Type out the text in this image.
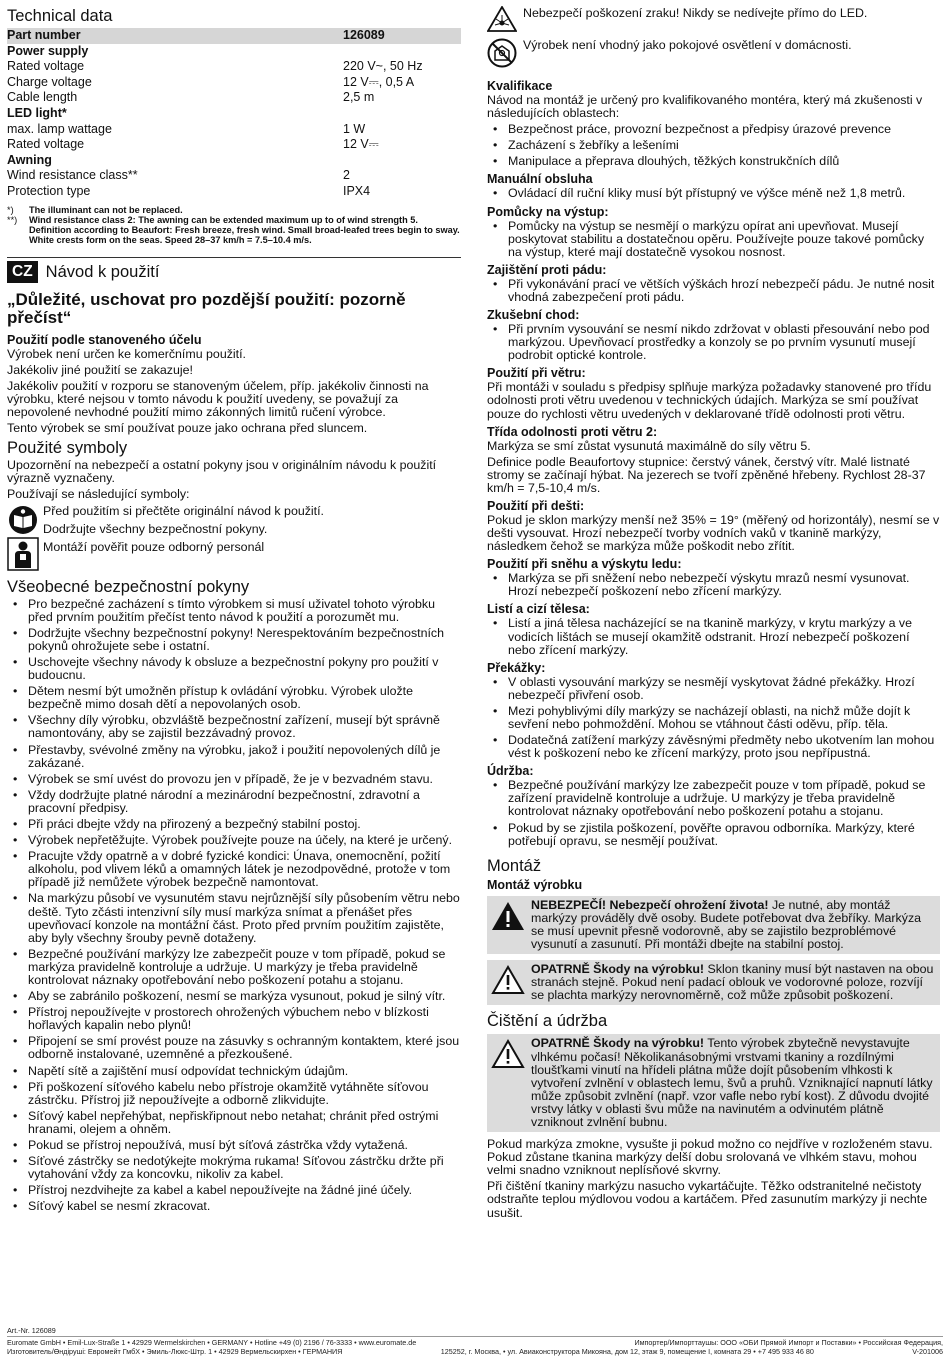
Technical data
Part number	126089
Power supply
Rated voltage	220 V~, 50 Hz
Charge voltage	12 V⎓, 0,5 A
Cable length	2,5 m
LED light*
max. lamp wattage	1 W
Rated voltage	12 V⎓
Awning
Wind resistance class**	2
Protection type	IPX4
*)	The illuminant can not be replaced.
**)	Wind resistance class 2: The awning can be extended maximum up to of wind strength 5. Definition according to Beaufort: Fresh breeze, fresh wind. Small broad-leafed trees begin to sway. White crests form on the seas. Speed 28–37 km/h = 7.5–10.4 m/s.
CZ Návod k použití

„Důležité, uschovat pro pozdější použití: pozorně přečíst“

Použití podle stanoveného účelu

Výrobek není určen ke komerčnímu použití.

Jakékoliv jiné použití se zakazuje!

Jakékoliv použití v rozporu se stanoveným účelem, příp. jakékoliv činnosti na výrobku, které nejsou v tomto návodu k použití uvedeny, se považují za nepovolené nevhodné použití mimo zákonných limitů ručení výrobce.

Tento výrobek se smí používat pouze jako ochrana před sluncem.

Použité symboly

Upozornění na nebezpečí a ostatní pokyny jsou v originálním návodu k použití výrazně vyznačeny.

Používají se následující symboly:

Před použitím si přečtěte originální návod k použití.

Dodržujte všechny bezpečnostní pokyny.

Montáží pověřit pouze odborný personál

Všeobecné bezpečnostní pokyny
• Pro bezpečné zacházení s tímto výrobkem si musí uživatel tohoto výrobku před prvním použitím přečíst tento návod k použití a porozumět mu.
• Dodržujte všechny bezpečnostní pokyny! Nerespektováním bezpečnostních pokynů ohrožujete sebe i ostatní.
• Uschovejte všechny návody k obsluze a bezpečnostní pokyny pro použití v budoucnu.
• Dětem nesmí být umožněn přístup k ovládání výrobku. Výrobek uložte bezpečně mimo dosah dětí a nepovolaných osob.
• Všechny díly výrobku, obzvláště bezpečnostní zařízení, musejí být správně namontovány, aby se zajistil bezzávadný provoz.
• Přestavby, svévolné změny na výrobku, jakož i použití nepovolených dílů je zakázané.
• Výrobek se smí uvést do provozu jen v případě, že je v bezvadném stavu.
• Vždy dodržujte platné národní a mezinárodní bezpečnostní, zdravotní a pracovní předpisy.
• Při práci dbejte vždy na přirozený a bezpečný stabilní postoj.
• Výrobek nepřetěžujte. Výrobek používejte pouze na účely, na které je určený.
• Pracujte vždy opatrně a v dobré fyzické kondici: Únava, onemocnění, požití alkoholu, pod vlivem léků a omamných látek je nezodpovědné, protože v tom případě již nemůžete výrobek bezpečně namontovat.
• Na markýzu působí ve vysunutém stavu nejrůznější síly působením větru nebo deště. Tyto zčásti intenzivní síly musí markýza snímat a přenášet přes upevňovací konzole na montážní část. Proto před prvním použitím zajistěte, aby byly všechny šrouby pevně dotaženy.
• Bezpečné používání markýzy lze zabezpečit pouze v tom případě, pokud se markýza pravidelně kontroluje a udržuje. U markýzy je třeba pravidelně kontrolovat náznaky opotřebování nebo poškození potahu a stojanu.
• Aby se zabránilo poškození, nesmí se markýza vysunout, pokud je silný vítr.
• Přístroj nepoužívejte v prostorech ohrožených výbuchem nebo v blízkosti hořlavých kapalin nebo plynů!
• Připojení se smí provést pouze na zásuvky s ochranným kontaktem, které jsou odborně instalované, uzemněné a přezkoušené.
• Napětí sítě a zajištění musí odpovídat technickým údajům.
• Při poškození síťového kabelu nebo přístroje okamžitě vytáhněte síťovou zástrčku. Přístroj již nepoužívejte a odborně zlikvidujte.
• Síťový kabel nepřehýbat, nepřiskřipnout nebo netahat; chránit před ostrými hranami, olejem a ohněm.
• Pokud se přístroj nepoužívá, musí být síťová zástrčka vždy vytažená.
• Síťové zástrčky se nedotýkejte mokrýma rukama! Síťovou zástrčku držte při vytahování vždy za koncovku, nikoliv za kabel.
• Přístroj nezdvihejte za kabel a kabel nepoužívejte na žádné jiné účely.
• Síťový kabel se nesmí zkracovat.
Nebezpečí poškození zraku! Nikdy se nedívejte přímo do LED.
Výrobek není vhodný jako pokojové osvětlení v domácnosti.
Kvalifikace

Návod na montáž je určený pro kvalifikovaného montéra, který má zkušenosti v následujících oblastech:

• Bezpečnost práce, provozní bezpečnost a předpisy úrazové prevence
• Zacházení s žebříky a lešeními
• Manipulace a přeprava dlouhých, těžkých konstrukčních dílů
Manuální obsluha
• Ovládací díl ruční kliky musí být přístupný ve výšce méně než 1,8 metrů.
Pomůcky na výstup:
• Pomůcky na výstup se nesmějí o markýzu opírat ani upevňovat. Musejí poskytovat stabilitu a dostatečnou opěru. Používejte pouze takové pomůcky na výstup, které mají dostatečně vysokou nosnost.
Zajištění proti pádu:
• Při vykonávání prací ve větších výškách hrozí nebezpečí pádu. Je nutné nosit vhodná zabezpečení proti pádu.
Zkušební chod:
• Při prvním vysouvání se nesmí nikdo zdržovat v oblasti přesouvání nebo pod markýzou. Upevňovací prostředky a konzoly se po prvním vysunutí musejí podrobit optické kontrole.
Použití při větru:

Při montáži v souladu s předpisy splňuje markýza požadavky stanovené pro třídu odolnosti proti větru uvedenou v technických údajích. Markýza se smí používat pouze do rychlosti větru uvedených v deklarované třídě odolnosti proti větru.

Třída odolnosti proti větru 2:

Markýza se smí zůstat vysunutá maximálně do síly větru 5.

Definice podle Beaufortovy stupnice: čerstvý vánek, čerstvý vítr. Malé listnaté stromy se začínají hýbat. Na jezerech se tvoří zpěněné hřebeny. Rychlost 28-37 km/h = 7,5-10,4 m/s.

Použití při dešti:

Pokud je sklon markýzy menší než 35% = 19° (měřený od horizontály), nesmí se v dešti vysouvat. Hrozí nebezpečí tvorby vodních vaků v tkanině markýzy, následkem čehož se markýza může poškodit nebo zřítit.

Použití při sněhu a výskytu ledu:
• Markýza se při sněžení nebo nebezpečí výskytu mrazů nesmí vysunovat. Hrozí nebezpečí poškození nebo zřícení markýzy.
Listí a cizí tělesa:
• Listí a jiná tělesa nacházející se na tkanině markýzy, v krytu markýzy a ve vodicích lištách se musejí okamžitě odstranit. Hrozí nebezpečí poškození nebo zřícení markýzy.
Překážky:
• V oblasti vysouvání markýzy se nesmějí vyskytovat žádné překážky. Hrozí nebezpečí přivření osob.
• Mezi pohyblivými díly markýzy se nacházejí oblasti, na nichž může dojít k sevření nebo pohmoždění. Mohou se vtáhnout části oděvu, příp. těla.
• Dodatečná zatížení markýzy závěsnými předměty nebo ukotvením lan mohou vést k poškození nebo ke zřícení markýzy, proto jsou nepřípustná.
Údržba:
• Bezpečné používání markýzy lze zabezpečit pouze v tom případě, pokud se zařízení pravidelně kontroluje a udržuje. U markýzy je třeba pravidelně kontrolovat náznaky opotřebování nebo poškození potahu a stojanu.
• Pokud by se zjistila poškození, pověřte opravou odborníka. Markýzy, které potřebují opravu, se nesmějí používat.
Montáž
Montáž výrobku
NEBEZPEČÍ! Nebezpečí ohrožení života! Je nutné, aby montáž markýzy prováděly dvě osoby. Budete potřebovat dva žebříky. Markýza se musí upevnit přesně vodorovně, aby se zajistilo bezproblémové vysunutí a zasunutí. Při montáži dbejte na stabilní postoj.
OPATRNĚ Škody na výrobku! Sklon tkaniny musí být nastaven na obou stranách stejně. Pokud není padací oblouk ve vodorovné poloze, rozvíjí se plachta markýzy nerovnoměrně, což může způsobit poškození.
Čištění a údržba
OPATRNĚ Škody na výrobku! Tento výrobek zbytečně nevystavujte vlhkému počasí! Několikanásobnými vrstvami tkaniny a rozdílnými tloušťkami vinutí na hřídeli plátna může dojít působením vlhkosti k vytvoření zvlnění v oblastech lemu, švů a pruhů. Vzniknající napnutí látky může způsobit zvlnění (např. vzor vafle nebo rybí kost). Z důvodu dvojité vrstvy látky v oblasti švu může na navinutém a odvinutém plátně vzniknout zvlnění bubnu.

Pokud markýza zmokne, vysušte ji pokud možno co nejdříve v rozloženém stavu. Pokud zůstane tkanina markýzy delší dobu srolovaná ve vlhkém stavu, mohou velmi snadno vzniknout neplísňové skvrny.

Při čištění tkaniny markýzu nasucho vykartáčujte. Těžko odstranitelné nečistoty odstraňte teplou mýdlovou vodou a kartáčem. Před zasunutím markýzy ji nechte usušit.

Art.-Nr. 126089
Euromate GmbH • Emil-Lux-Straße 1 • 42929 Wermelskirchen • GERMANY • Hotline +49 (0) 2196 / 76-3333 • www.euromate.de	Импортер/Импорттаушы: ООО «ОБИ Прямой Импорт и Поставки» • Российская Федерация,
Изготовитель/Өндіруші: Евромейт ГмбХ • Эмиль-Люкс-Штр. 1 • 42929 Вермельскирхен • ГЕРМАНИЯ	125252, г. Москва, • ул. Авиаконструктора Микояна, дом 12, этаж 9, помещение I, комната 29 • +7 495 933 46 80	V-201006
